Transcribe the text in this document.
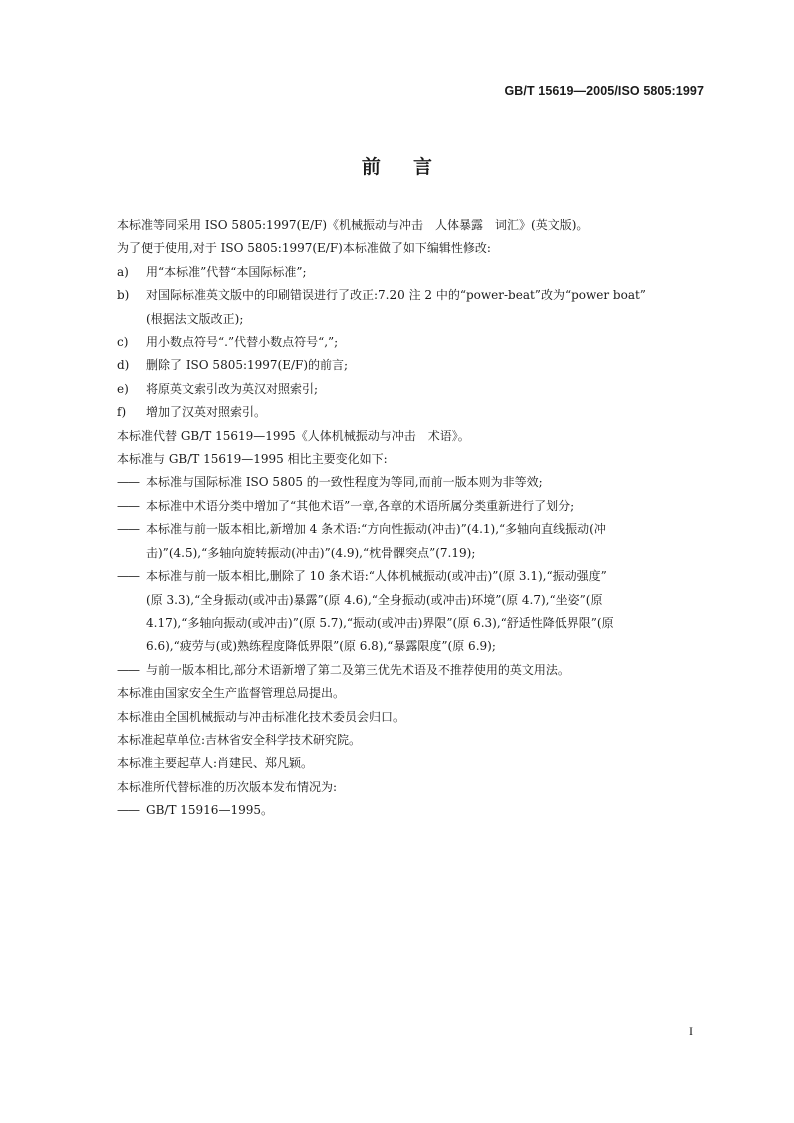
GB/T 15619—2005/ISO 5805:1997
前 言
本标准等同采用 ISO 5805:1997(E/F)《机械振动与冲击　人体暴露　词汇》(英文版)。
为了便于使用,对于 ISO 5805:1997(E/F)本标准做了如下编辑性修改:
a) 用“本标准”代替“本国际标准”;
b) 对国际标准英文版中的印刷错误进行了改正:7.20 注 2 中的“power-beat”改为“power boat”
(根据法文版改正);
c) 用小数点符号“.”代替小数点符号“,”;
d) 删除了 ISO 5805:1997(E/F)的前言;
e) 将原英文索引改为英汉对照索引;
f) 增加了汉英对照索引。
本标准代替 GB/T 15619—1995《人体机械振动与冲击　术语》。
本标准与 GB/T 15619—1995 相比主要变化如下:
—— 本标准与国际标准 ISO 5805 的一致性程度为等同,而前一版本则为非等效;
—— 本标准中术语分类中增加了“其他术语”一章,各章的术语所属分类重新进行了划分;
—— 本标准与前一版本相比,新增加 4 条术语:“方向性振动(冲击)”(4.1),“多轴向直线振动(冲
击)”(4.5),“多轴向旋转振动(冲击)”(4.9),“枕骨髁突点”(7.19);
—— 本标准与前一版本相比,删除了 10 条术语:“人体机械振动(或冲击)”(原 3.1),“振动强度”
(原 3.3),“全身振动(或冲击)暴露”(原 4.6),“全身振动(或冲击)环境”(原 4.7),“坐姿”(原
4.17),“多轴向振动(或冲击)”(原 5.7),“振动(或冲击)界限”(原 6.3),“舒适性降低界限”(原
6.6),“疲劳与(或)熟练程度降低界限”(原 6.8),“暴露限度”(原 6.9);
—— 与前一版本相比,部分术语新增了第二及第三优先术语及不推荐使用的英文用法。
本标准由国家安全生产监督管理总局提出。
本标准由全国机械振动与冲击标准化技术委员会归口。
本标准起草单位:吉林省安全科学技术研究院。
本标准主要起草人:肖建民、郑凡颖。
本标准所代替标准的历次版本发布情况为:
—— GB/T 15916—1995。
I
